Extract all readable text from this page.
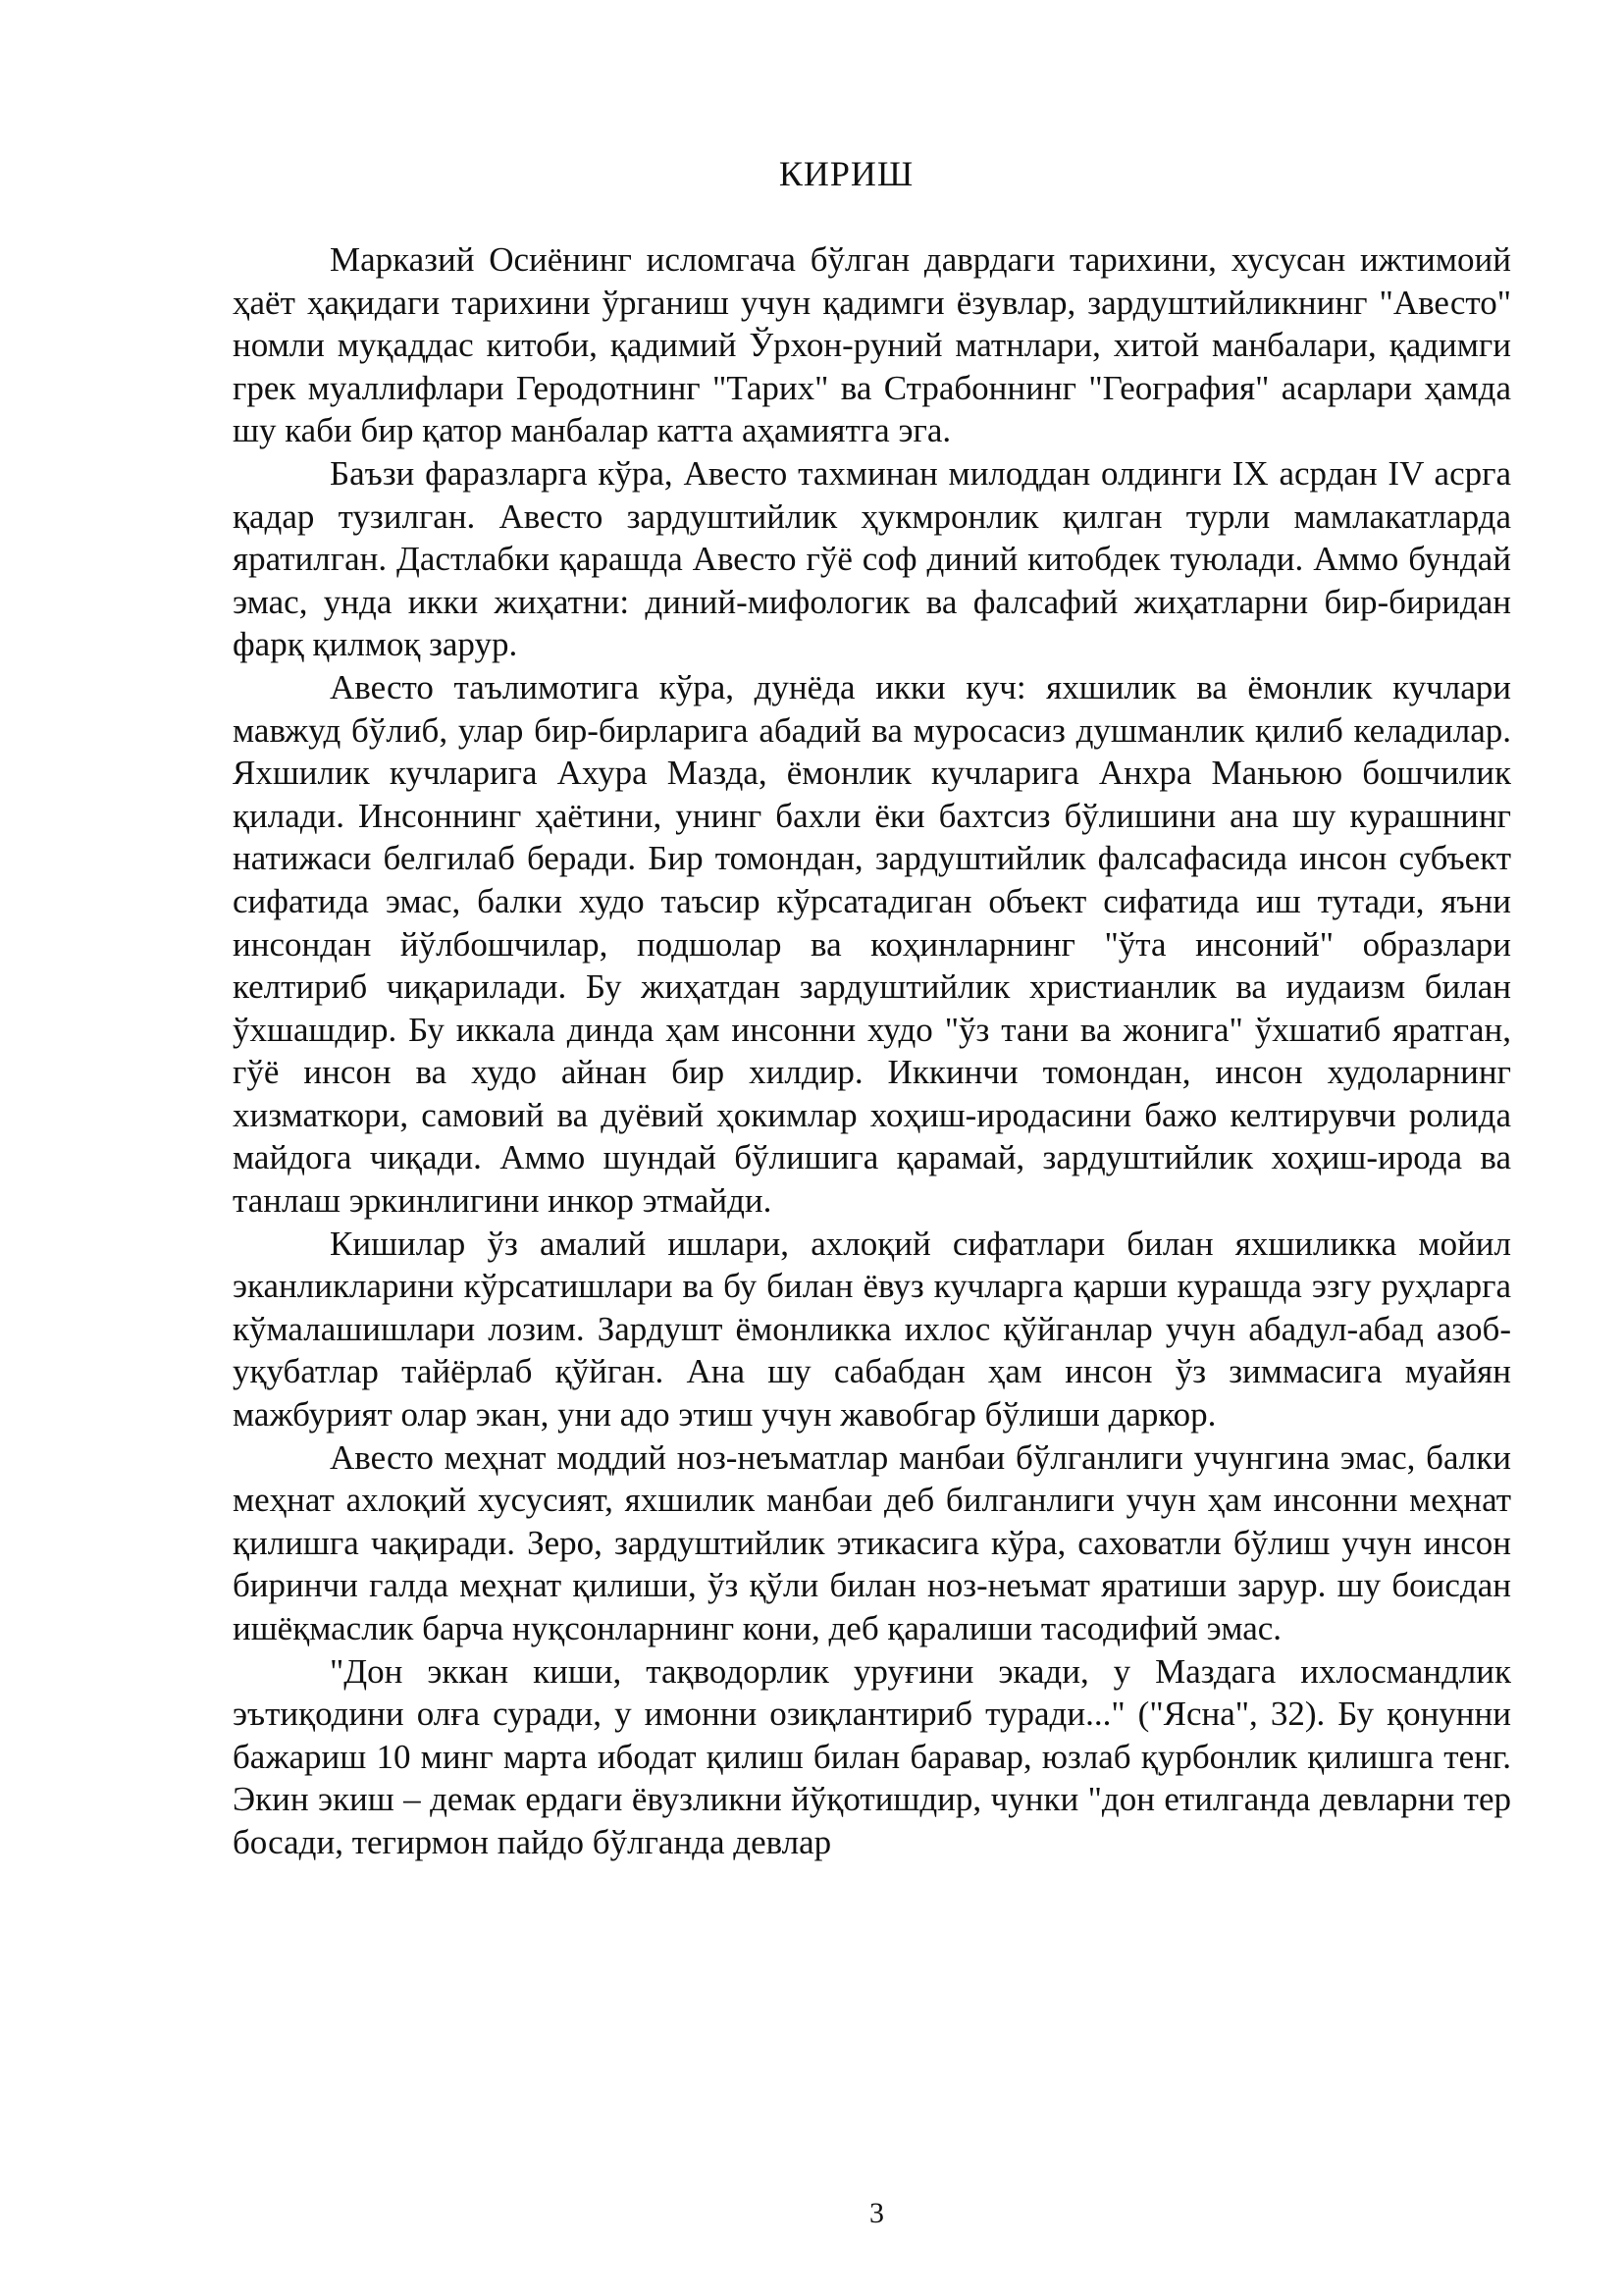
КИРИШ

Марказий Осиёнинг исломгача бўлган даврдаги тарихини, хусусан ижтимоий ҳаёт ҳақидаги тарихини ўрганиш учун қадимги ёзувлар, зардуштийликнинг "Авесто" номли муқаддас китоби, қадимий Ўрхон-руний матнлари, хитой манбалари, қадимги грек муаллифлари Геродотнинг "Тарих" ва Страбоннинг "География" асарлари ҳамда шу каби бир қатор манбалар катта аҳамиятга эга.

Баъзи фаразларга кўра, Авесто тахминан милоддан олдинги IX асрдан IV асрга қадар тузилган. Авесто зардуштийлик ҳукмронлик қилган турли мамлакатларда яратилган. Дастлабки қарашда Авесто гўё соф диний китобдек туюлади. Аммо бундай эмас, унда икки жиҳатни: диний-мифологик ва фалсафий жиҳатларни бир-биридан фарқ қилмоқ зарур.

Авесто таълимотига кўра, дунёда икки куч: яхшилик ва ёмонлик кучлари мавжуд бўлиб, улар бир-бирларига абадий ва муросасиз душманлик қилиб келадилар. Яхшилик кучларига Ахура Мазда, ёмонлик кучларига Анхра Маньюю бошчилик қилади. Инсоннинг ҳаётини, унинг бахли ёки бахтсиз бўлишини ана шу курашнинг натижаси белгилаб беради. Бир томондан, зардуштийлик фалсафасида инсон субъект сифатида эмас, балки худо таъсир кўрсатадиган объект сифатида иш тутади, яъни инсондан йўлбошчилар, подшолар ва коҳинларнинг "ўта инсоний" образлари келтириб чиқарилади. Бу жиҳатдан зардуштийлик христианлик ва иудаизм билан ўхшашдир. Бу иккала динда ҳам инсонни худо "ўз тани ва жонига" ўхшатиб яратган, гўё инсон ва худо айнан бир хилдир. Иккинчи томондан, инсон худоларнинг хизматкори, самовий ва дуёвий ҳокимлар хоҳиш-иродасини бажо келтирувчи ролида майдога чиқади. Аммо шундай бўлишига қарамай, зардуштийлик хоҳиш-ирода ва танлаш эркинлигини инкор этмайди.

Кишилар ўз амалий ишлари, ахлоқий сифатлари билан яхшиликка мойил эканликларини кўрсатишлари ва бу билан ёвуз кучларга қарши курашда эзгу руҳларга кўмалашишлари лозим. Зардушт ёмонликка ихлос қўйганлар учун абадул-абад азоб-уқубатлар тайёрлаб қўйган. Ана шу сабабдан ҳам инсон ўз зиммасига муайян мажбурият олар экан, уни адо этиш учун жавобгар бўлиши даркор.

Авесто меҳнат моддий ноз-неъматлар манбаи бўлганлиги учунгина эмас, балки меҳнат ахлоқий хусусият, яхшилик манбаи деб билганлиги учун ҳам инсонни меҳнат қилишга чақиради. Зеро, зардуштийлик этикасига кўра, саховатли бўлиш учун инсон биринчи галда меҳнат қилиши, ўз қўли билан ноз-неъмат яратиши зарур. шу боисдан ишёқмаслик барча нуқсонларнинг кони, деб қаралиши тасодифий эмас.

"Дон эккан киши, тақводорлик уруғини экади, у Маздага ихлосмандлик эътиқодини олға суради, у имонни озиқлантириб туради..." ("Ясна", 32). Бу қонунни бажариш 10 минг марта ибодат қилиш билан баравар, юзлаб қурбонлик қилишга тенг. Экин экиш – демак ердаги ёвузликни йўқотишдир, чунки "дон етилганда девларни тер босади, тегирмон пайдо бўлганда девлар

3
